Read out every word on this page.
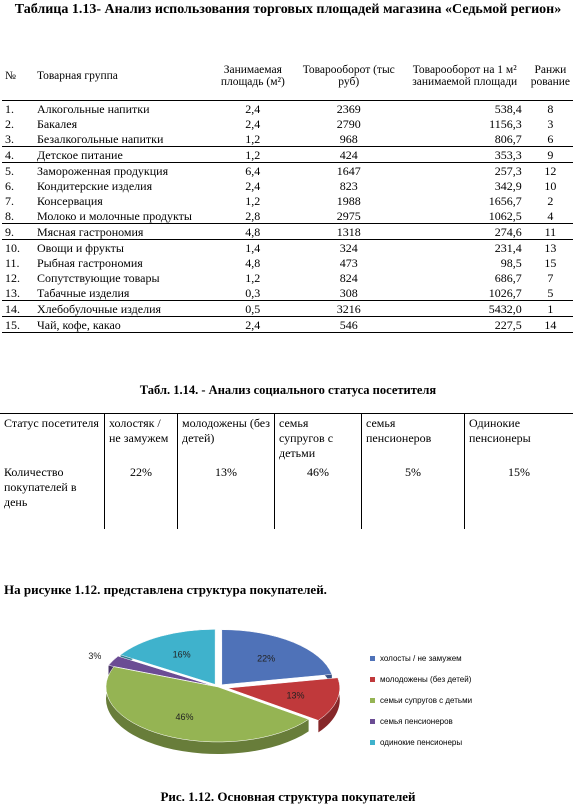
Таблица 1.13- Анализ использования торговых площадей магазина «Седьмой регион»
№	Товарная группа	Занимаемая площадь (м²)	Товарооборот (тыс руб)	Товарооборот на 1 м² занимаемой площади	Ранжи рование
1.	Алкогольные напитки	2,4	2369	538,4	8
2.	Бакалея	2,4	2790	1156,3	3
3.	Безалкогольные напитки	1,2	968	806,7	6
4.	Детское питание	1,2	424	353,3	9
5.	Замороженная продукция	6,4	1647	257,3	12
6.	Кондитерские изделия	2,4	823	342,9	10
7.	Консервация	1,2	1988	1656,7	2
8.	Молоко и молочные продукты	2,8	2975	1062,5	4
9.	Мясная гастрономия	4,8	1318	274,6	11
10.	Овощи и фрукты	1,4	324	231,4	13
11.	Рыбная гастрономия	4,8	473	98,5	15
12.	Сопутствующие товары	1,2	824	686,7	7
13.	Табачные изделия	0,3	308	1026,7	5
14.	Хлебобулочные изделия	0,5	3216	5432,0	1
15.	Чай, кофе, какао	2,4	546	227,5	14
Табл. 1.14. - Анализ социального статуса посетителя
Статус посетителя	холостяк / не замужем	молодожены (без детей)	семья супругов с детьми	семья пенсионеров	Одинокие пенсионеры
Количество покупателей в день	22%	13%	46%	5%	15%
На рисунке 1.12. представлена структура покупателей.
22%
13%
46%
3%	16%	холосты / не замужем
молодожены (без детей)
семьи супругов с детьми
семья пенсионеров
одинокие пенсионеры
Рис. 1.12. Основная структура покупателей
